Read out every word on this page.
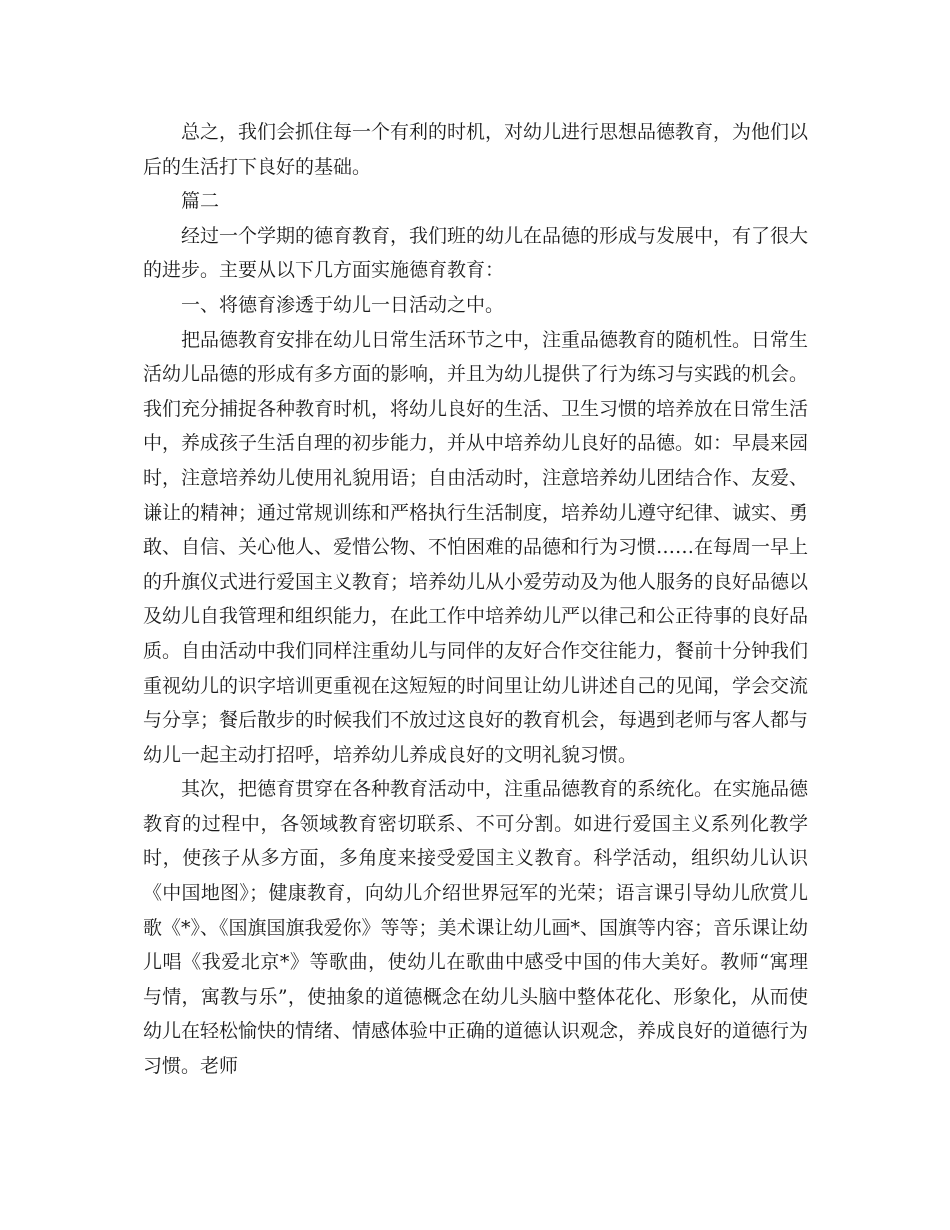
总之，我们会抓住每一个有利的时机，对幼儿进行思想品德教育，为他们以后的生活打下良好的基础。

篇二

经过一个学期的德育教育，我们班的幼儿在品德的形成与发展中，有了很大的进步。主要从以下几方面实施德育教育：

一、将德育渗透于幼儿一日活动之中。

把品德教育安排在幼儿日常生活环节之中，注重品德教育的随机性。日常生活幼儿品德的形成有多方面的影响，并且为幼儿提供了行为练习与实践的机会。我们充分捕捉各种教育时机，将幼儿良好的生活、卫生习惯的培养放在日常生活中，养成孩子生活自理的初步能力，并从中培养幼儿良好的品德。如：早晨来园时，注意培养幼儿使用礼貌用语；自由活动时，注意培养幼儿团结合作、友爱、谦让的精神；通过常规训练和严格执行生活制度，培养幼儿遵守纪律、诚实、勇敢、自信、关心他人、爱惜公物、不怕困难的品德和行为习惯……在每周一早上的升旗仪式进行爱国主义教育；培养幼儿从小爱劳动及为他人服务的良好品德以及幼儿自我管理和组织能力，在此工作中培养幼儿严以律己和公正待事的良好品质。自由活动中我们同样注重幼儿与同伴的友好合作交往能力，餐前十分钟我们重视幼儿的识字培训更重视在这短短的时间里让幼儿讲述自己的见闻，学会交流与分享；餐后散步的时候我们不放过这良好的教育机会，每遇到老师与客人都与幼儿一起主动打招呼，培养幼儿养成良好的文明礼貌习惯。

其次，把德育贯穿在各种教育活动中，注重品德教育的系统化。在实施品德教育的过程中，各领域教育密切联系、不可分割。如进行爱国主义系列化教学时，使孩子从多方面，多角度来接受爱国主义教育。科学活动，组织幼儿认识《中国地图》；健康教育，向幼儿介绍世界冠军的光荣；语言课引导幼儿欣赏儿歌《*》、《国旗国旗我爱你》等等；美术课让幼儿画*、国旗等内容；音乐课让幼儿唱《我爱北京*》等歌曲，使幼儿在歌曲中感受中国的伟大美好。教师“寓理与情，寓教与乐”，使抽象的道德概念在幼儿头脑中整体花化、形象化，从而使幼儿在轻松愉快的情绪、情感体验中正确的道德认识观念，养成良好的道德行为习惯。老师
